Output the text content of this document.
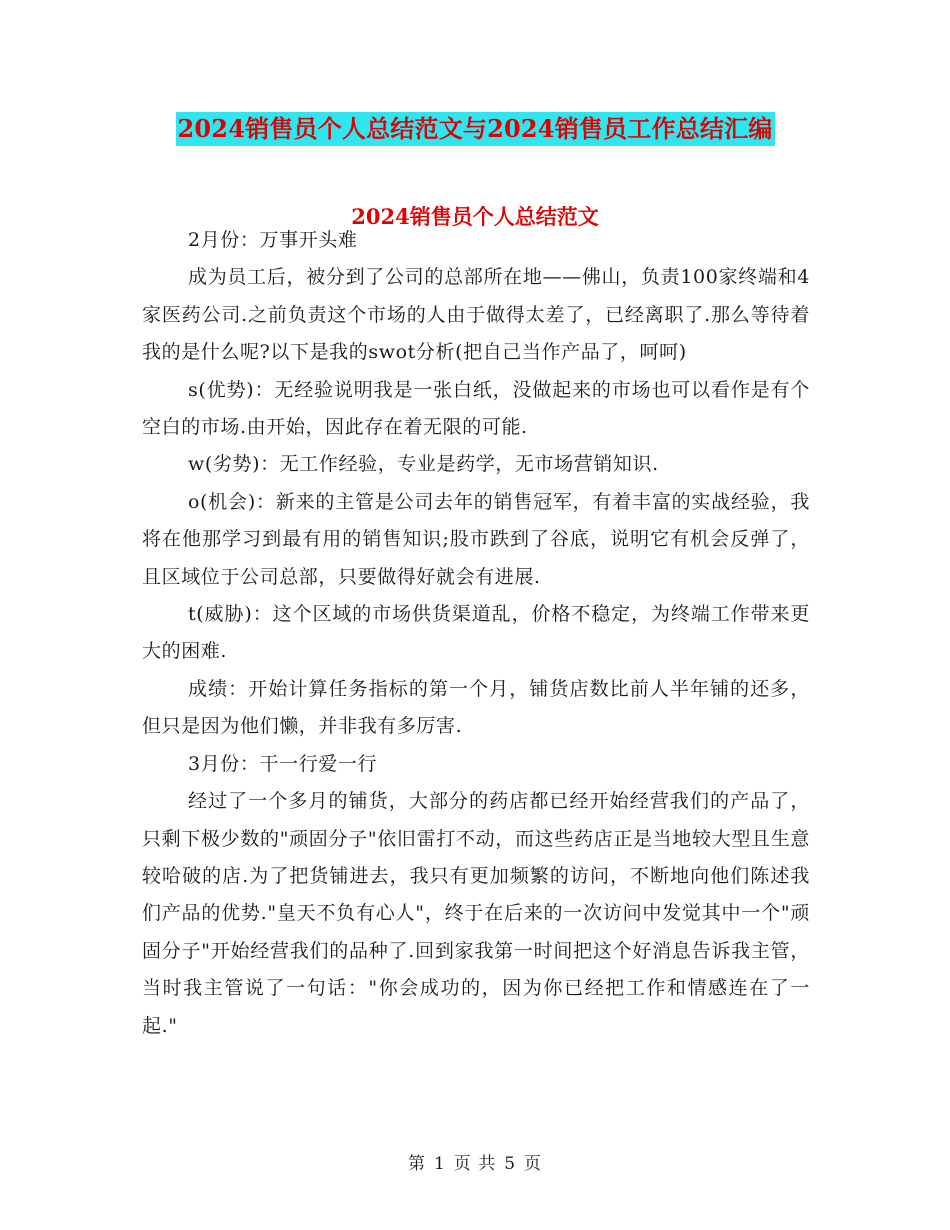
2024销售员个人总结范文与2024销售员工作总结汇编
2024销售员个人总结范文

2月份：万事开头难

成为员工后，被分到了公司的总部所在地——佛山，负责100家终端和4家医药公司.之前负责这个市场的人由于做得太差了，已经离职了.那么等待着我的是什么呢?以下是我的swot分析(把自己当作产品了，呵呵)

s(优势)：无经验说明我是一张白纸，没做起来的市场也可以看作是有个空白的市场.由开始，因此存在着无限的可能.

w(劣势)：无工作经验，专业是药学，无市场营销知识.

o(机会)：新来的主管是公司去年的销售冠军，有着丰富的实战经验，我将在他那学习到最有用的销售知识;股市跌到了谷底，说明它有机会反弹了，且区域位于公司总部，只要做得好就会有进展.

t(威胁)：这个区域的市场供货渠道乱，价格不稳定，为终端工作带来更大的困难.

成绩：开始计算任务指标的第一个月，铺货店数比前人半年铺的还多，但只是因为他们懒，并非我有多厉害.

3月份：干一行爱一行

经过了一个多月的铺货，大部分的药店都已经开始经营我们的产品了，只剩下极少数的"顽固分子"依旧雷打不动，而这些药店正是当地较大型且生意较哈破的店.为了把货铺进去，我只有更加频繁的访问，不断地向他们陈述我们产品的优势."皇天不负有心人"，终于在后来的一次访问中发觉其中一个"顽固分子"开始经营我们的品种了.回到家我第一时间把这个好消息告诉我主管，当时我主管说了一句话："你会成功的，因为你已经把工作和情感连在了一起."

第 1 页 共 5 页
